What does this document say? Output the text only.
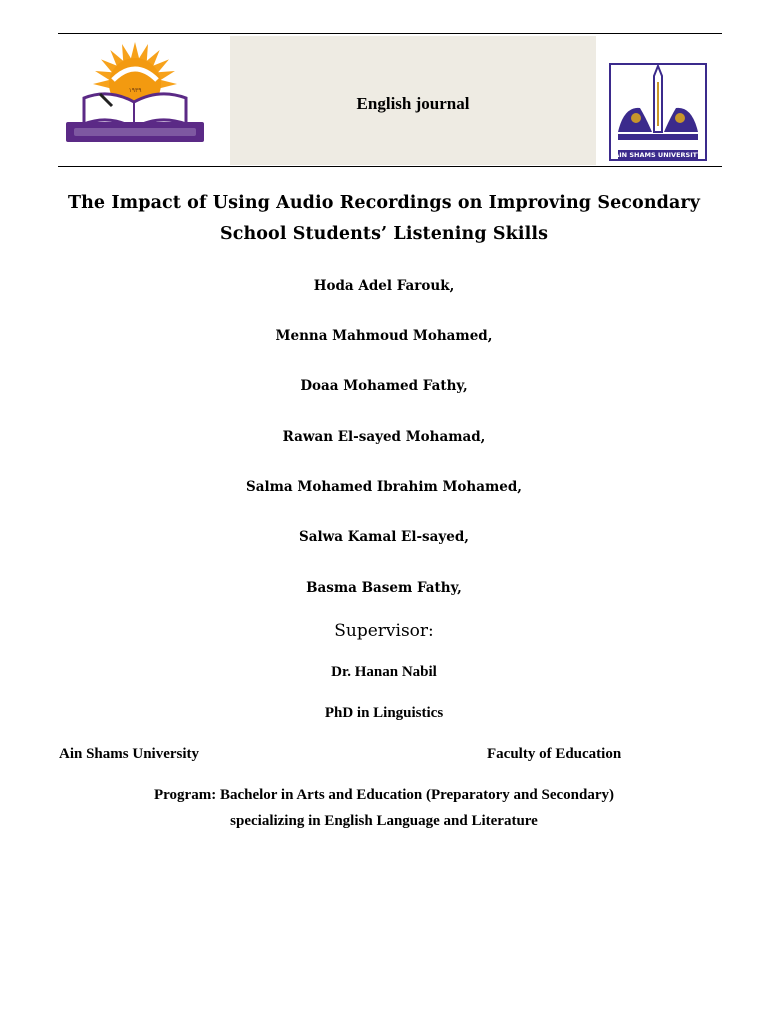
١٩٣٩
English journal
AIN SHAMS UNIVERSITY
The Impact of Using Audio Recordings on Improving Secondary
School Students’ Listening Skills
Hoda Adel Farouk,
Menna Mahmoud Mohamed,
Doaa Mohamed Fathy,
Rawan El-sayed Mohamad,
Salma Mohamed Ibrahim Mohamed,
Salwa Kamal El-sayed,
Basma Basem Fathy,
Supervisor:
Dr. Hanan Nabil
PhD in Linguistics
Ain Shams University	Faculty of Education
Program: Bachelor in Arts and Education (Preparatory and Secondary)
specializing in English Language and Literature
